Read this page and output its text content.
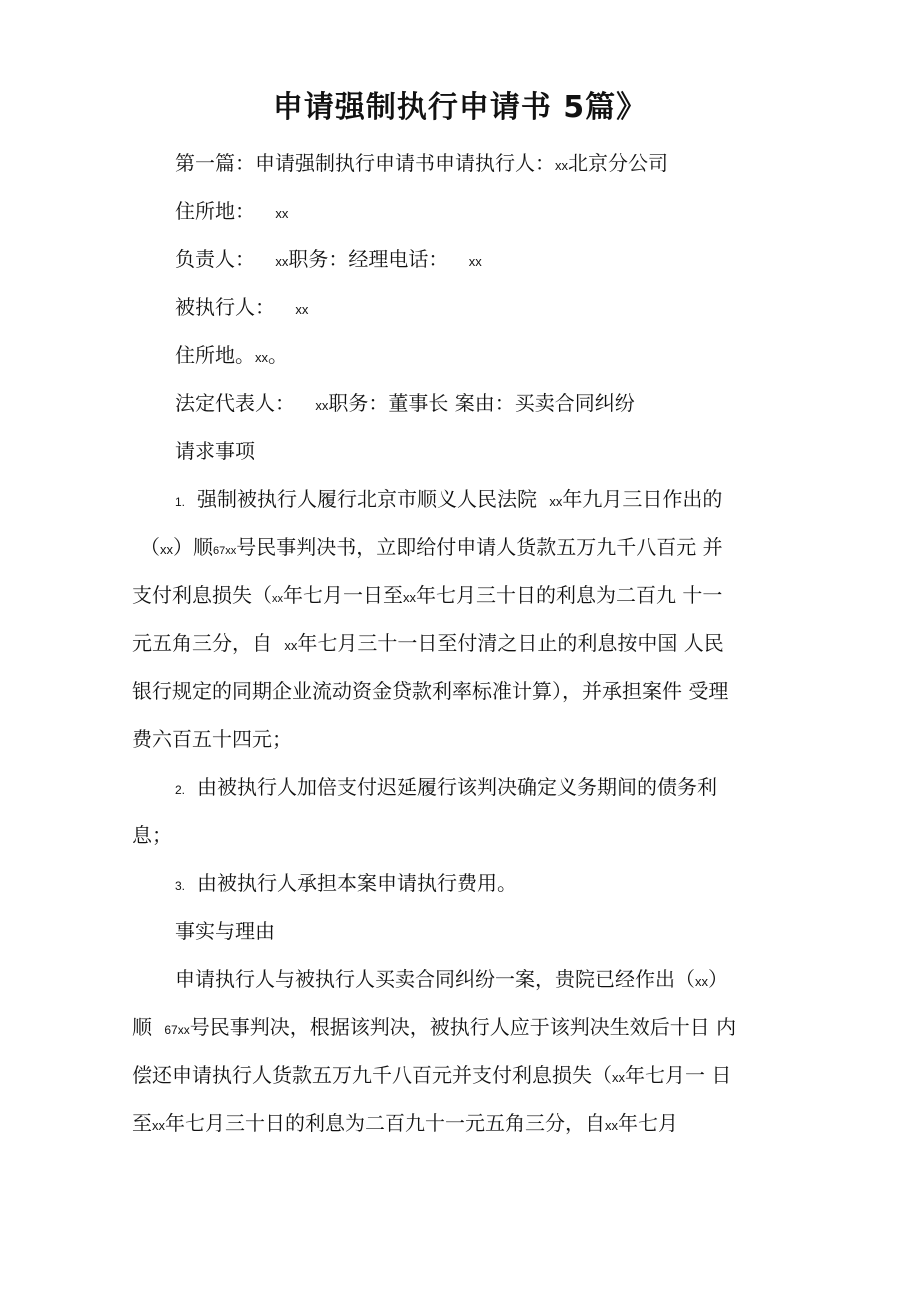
申请强制执行申请书 5篇》
第一篇：申请强制执行申请书申请执行人：xx北京分公司
住所地： xx
负责人： xx职务：经理电话： xx
被执行人： xx
住所地。xx。
法定代表人： xx职务：董事长 案由：买卖合同纠纷
请求事项
1. 强制被执行人履行北京市顺义人民法院 xx年九月三日作出的
（xx）顺67xx号民事判决书，立即给付申请人货款五万九千八百元 并
支付利息损失（xx年七月一日至xx年七月三十日的利息为二百九 十一
元五角三分，自 xx年七月三十一日至付清之日止的利息按中国 人民
银行规定的同期企业流动资金贷款利率标准计算），并承担案件 受理
费六百五十四元；
2. 由被执行人加倍支付迟延履行该判决确定义务期间的债务利
息；
3. 由被执行人承担本案申请执行费用。
事实与理由
申请执行人与被执行人买卖合同纠纷一案，贵院已经作出（xx）
顺 67xx号民事判决，根据该判决，被执行人应于该判决生效后十日 内
偿还申请执行人货款五万九千八百元并支付利息损失（xx年七月一 日
至xx年七月三十日的利息为二百九十一元五角三分，自xx年七月
